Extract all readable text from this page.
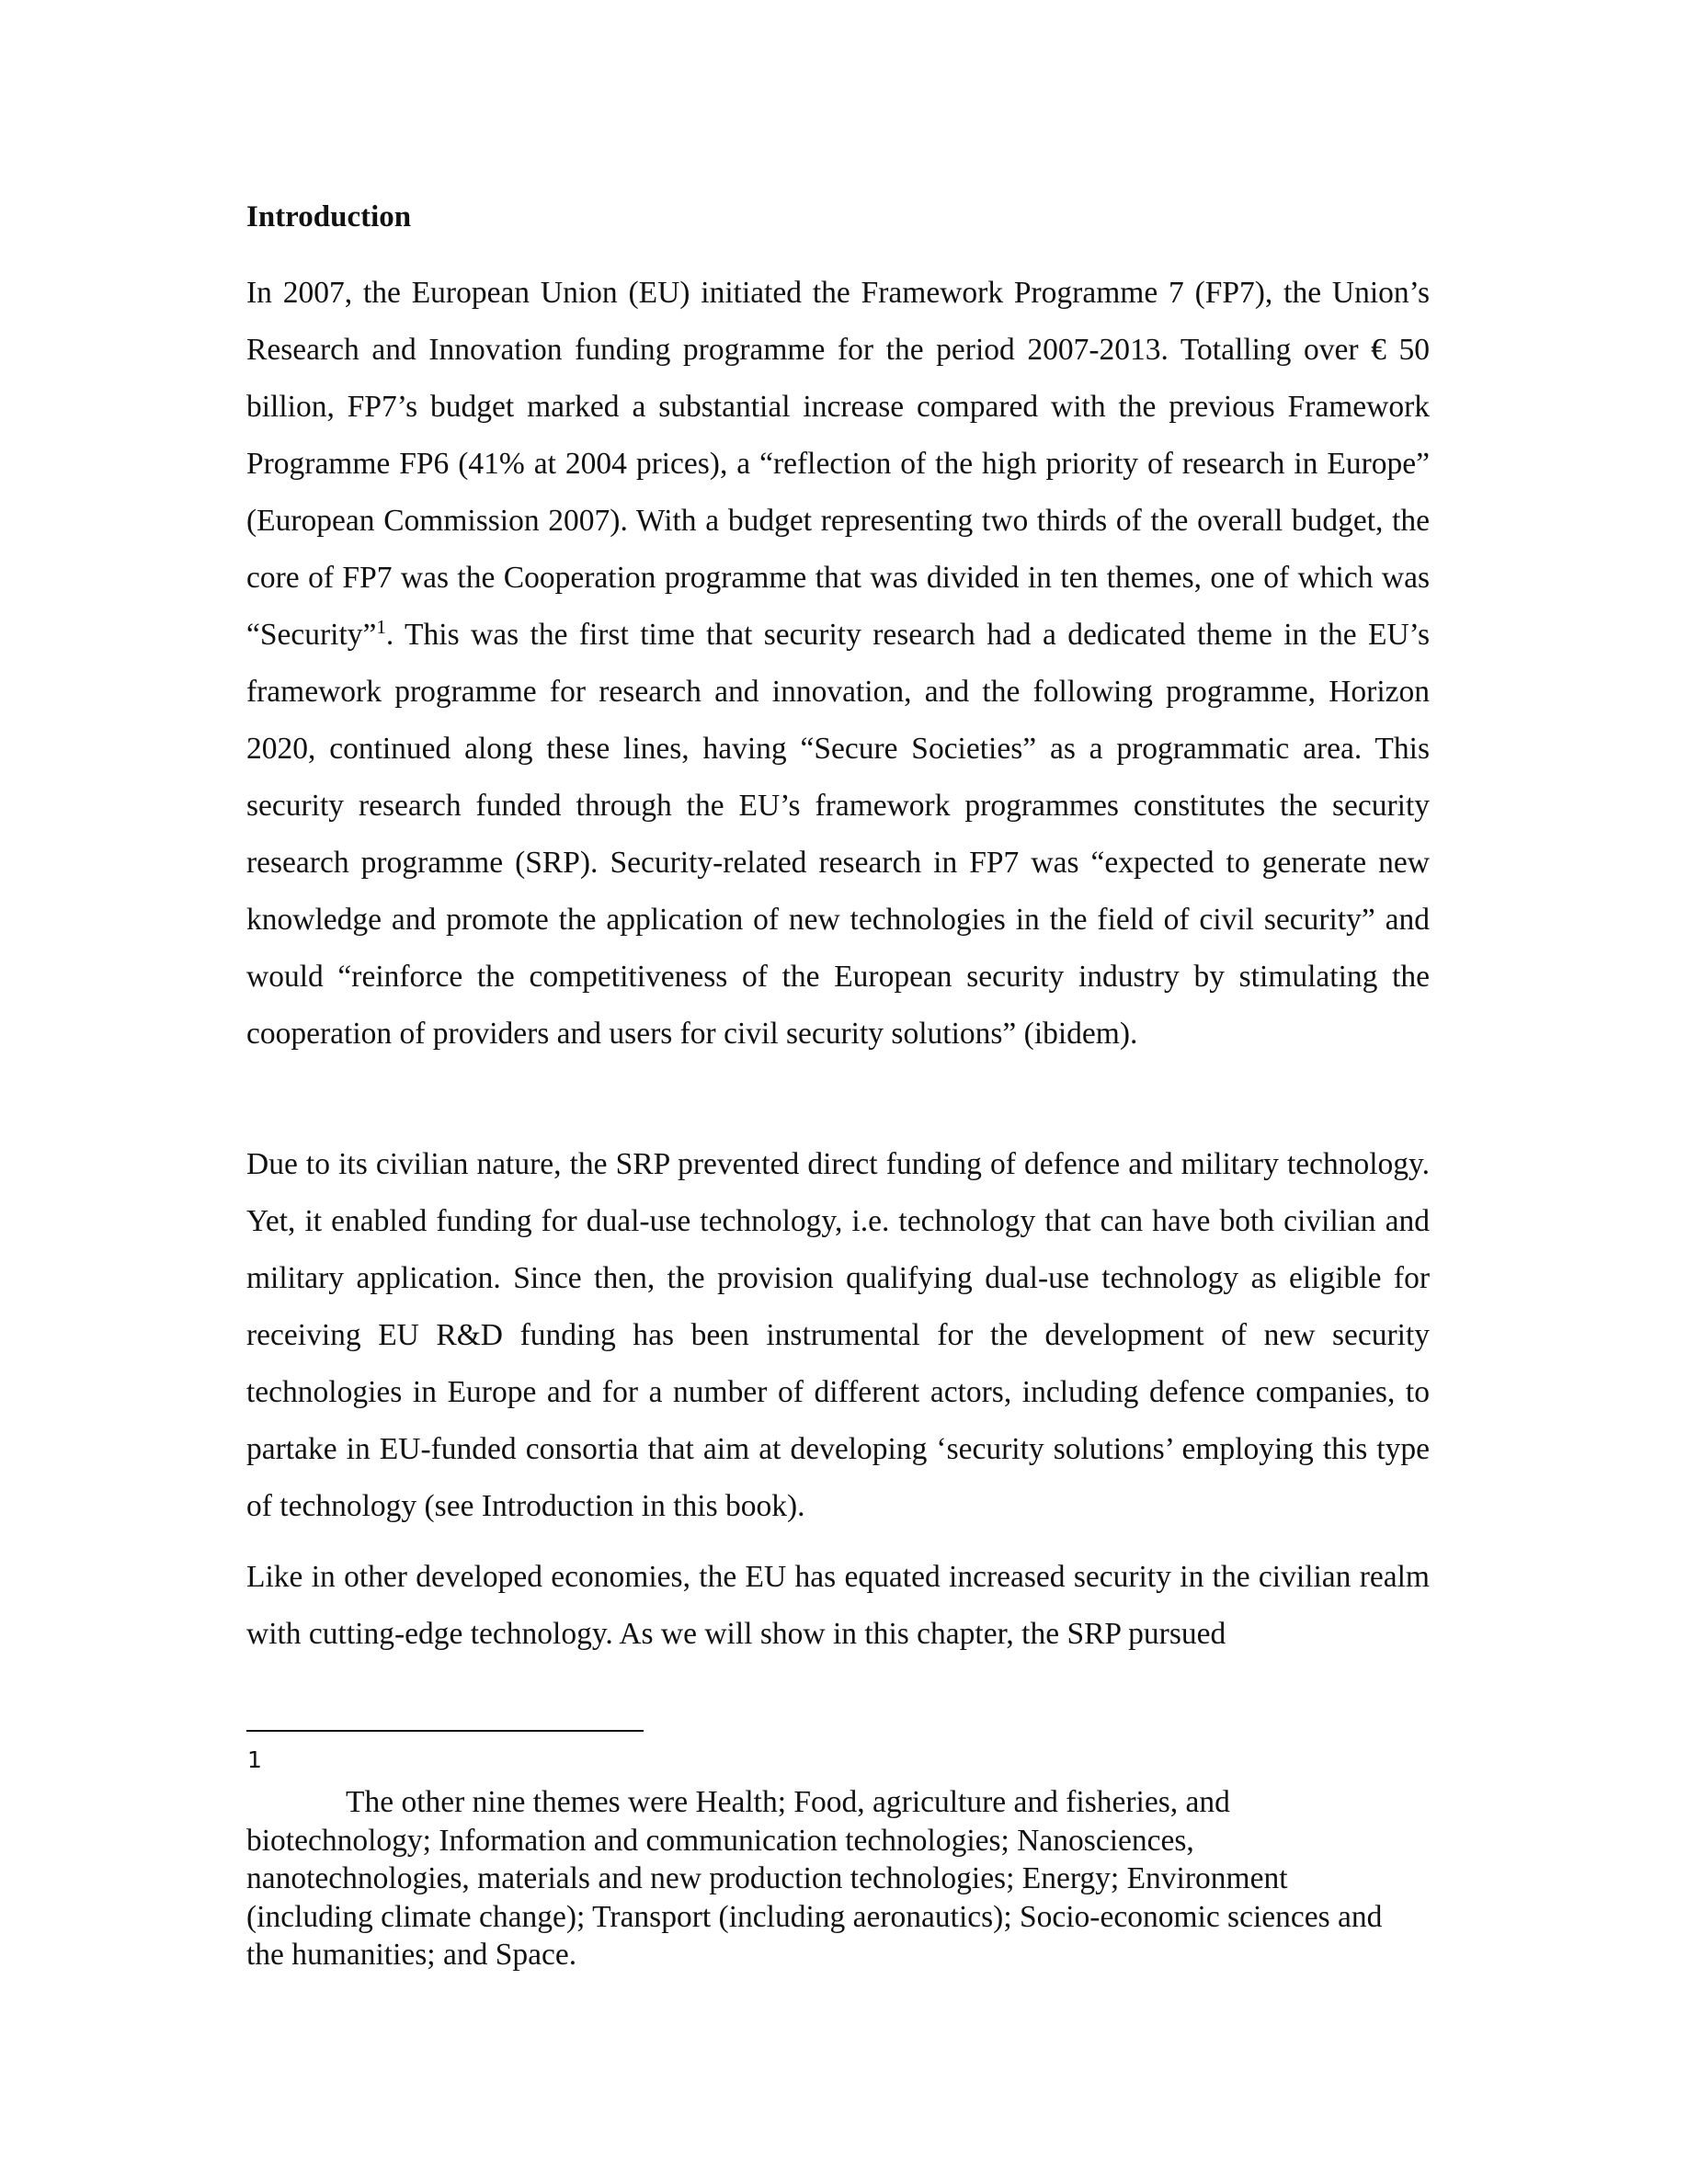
Introduction

In 2007, the European Union (EU) initiated the Framework Programme 7 (FP7), the Union’s Research and Innovation funding programme for the period 2007-2013. Totalling over € 50 billion, FP7’s budget marked a substantial increase compared with the previous Framework Programme FP6 (41% at 2004 prices), a “reflection of the high priority of research in Europe” (European Commission 2007). With a budget representing two thirds of the overall budget, the core of FP7 was the Cooperation programme that was divided in ten themes, one of which was “Security”$^1$. This was the first time that security research had a dedicated theme in the EU’s framework programme for research and innovation, and the following programme, Horizon 2020, continued along these lines, having “Secure Societies” as a programmatic area. This security research funded through the EU’s framework programmes constitutes the security research programme (SRP). Security-related research in FP7 was “expected to generate new knowledge and promote the application of new technologies in the field of civil security” and would “reinforce the competitiveness of the European security industry by stimulating the cooperation of providers and users for civil security solutions” (ibidem).

Due to its civilian nature, the SRP prevented direct funding of defence and military technology. Yet, it enabled funding for dual-use technology, i.e. technology that can have both civilian and military application. Since then, the provision qualifying dual-use technology as eligible for receiving EU R&D funding has been instrumental for the development of new security technologies in Europe and for a number of different actors, including defence companies, to partake in EU-funded consortia that aim at developing ‘security solutions’ employing this type of technology (see Introduction in this book).

Like in other developed economies, the EU has equated increased security in the civilian realm with cutting-edge technology. As we will show in this chapter, the SRP pursued

1

The other nine themes were Health; Food, agriculture and fisheries, and biotechnology; Information and communication technologies; Nanosciences, nanotechnologies, materials and new production technologies; Energy; Environment (including climate change); Transport (including aeronautics); Socio-economic sciences and the humanities; and Space.
